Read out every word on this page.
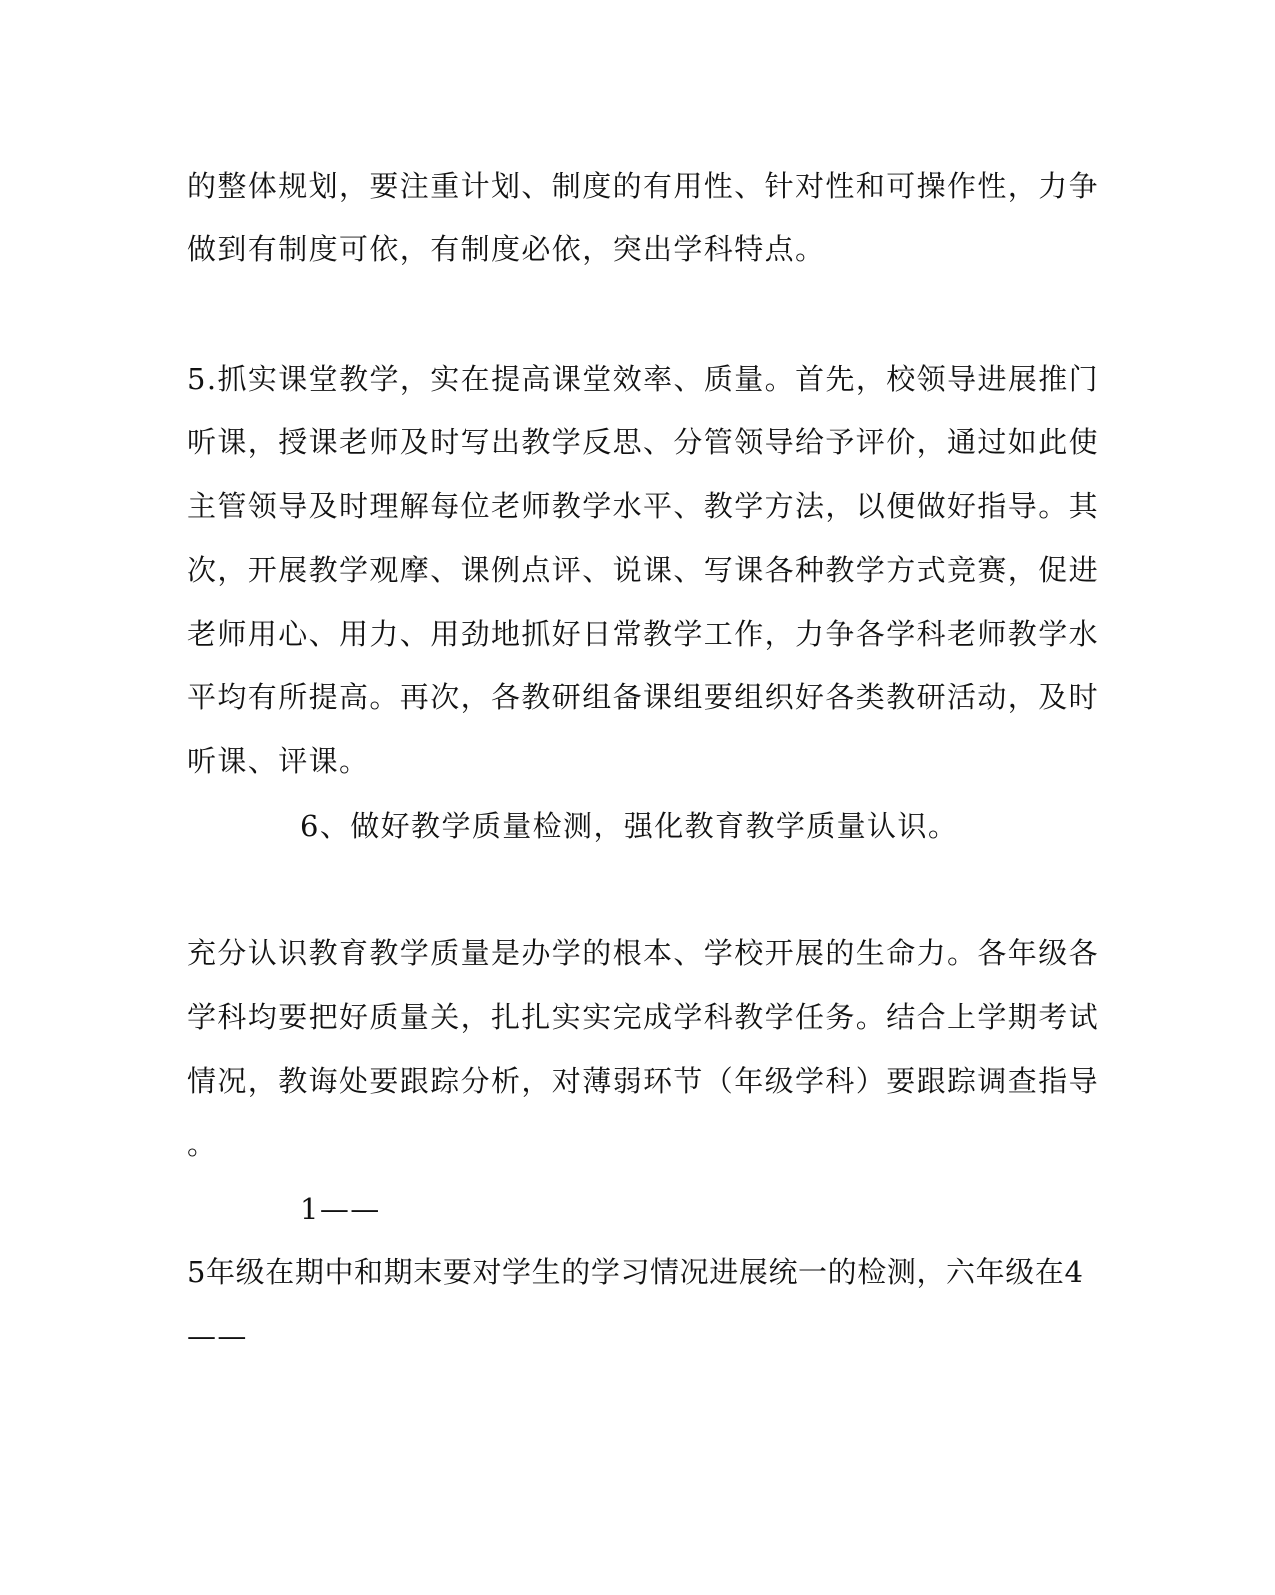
的整体规划，要注重计划、制度的有用性、针对性和可操作性，力争
做到有制度可依，有制度必依，突出学科特点。
5.抓实课堂教学，实在提高课堂效率、质量。首先，校领导进展推门
听课，授课老师及时写出教学反思、分管领导给予评价，通过如此使
主管领导及时理解每位老师教学水平、教学方法，以便做好指导。其
次，开展教学观摩、课例点评、说课、写课各种教学方式竞赛，促进
老师用心、用力、用劲地抓好日常教学工作，力争各学科老师教学水
平均有所提高。再次，各教研组备课组要组织好各类教研活动，及时
听课、评课。
6、做好教学质量检测，强化教育教学质量认识。
充分认识教育教学质量是办学的根本、学校开展的生命力。各年级各
学科均要把好质量关，扎扎实实完成学科教学任务。结合上学期考试
情况，教诲处要跟踪分析，对薄弱环节（年级学科）要跟踪调查指导
。
1——
5年级在期中和期末要对学生的学习情况进展统一的检测，六年级在4
——
